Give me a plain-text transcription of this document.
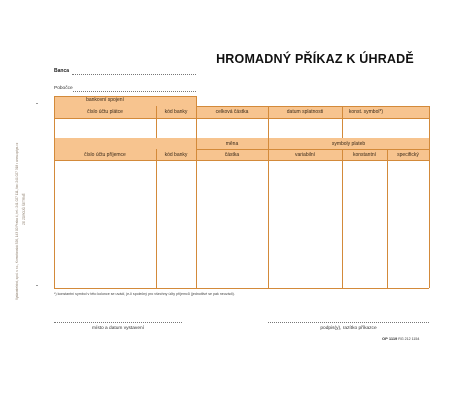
Vydavatelství, spol. s r.o., Komořanská 326, 143 00 Praha 4, tel.: 241 027 111, fax: 241 027 318 • www.optys.cz ZE ZDROJŮ ŠETRNĚ
HROMADNÝ PŘÍKAZ K ÚHRADĚ
Banca
Pobočce
bankovní spojení
číslo účtu plátce	kód banky	celková částka	datum splatnosti	konst. symbol*)
měna	symboly plateb
číslo účtu příjemce	kód banky	částka	variabilní	konstantní	specifický
*) konstantní symbol v této kolonce se uvádí, je-li společný pro všechny účty příjemců (jednotlivé se pak neuvádí).
místo a datum vystavení	podpis(y), razítko příkazce
OP 1119 RG 212 1154
